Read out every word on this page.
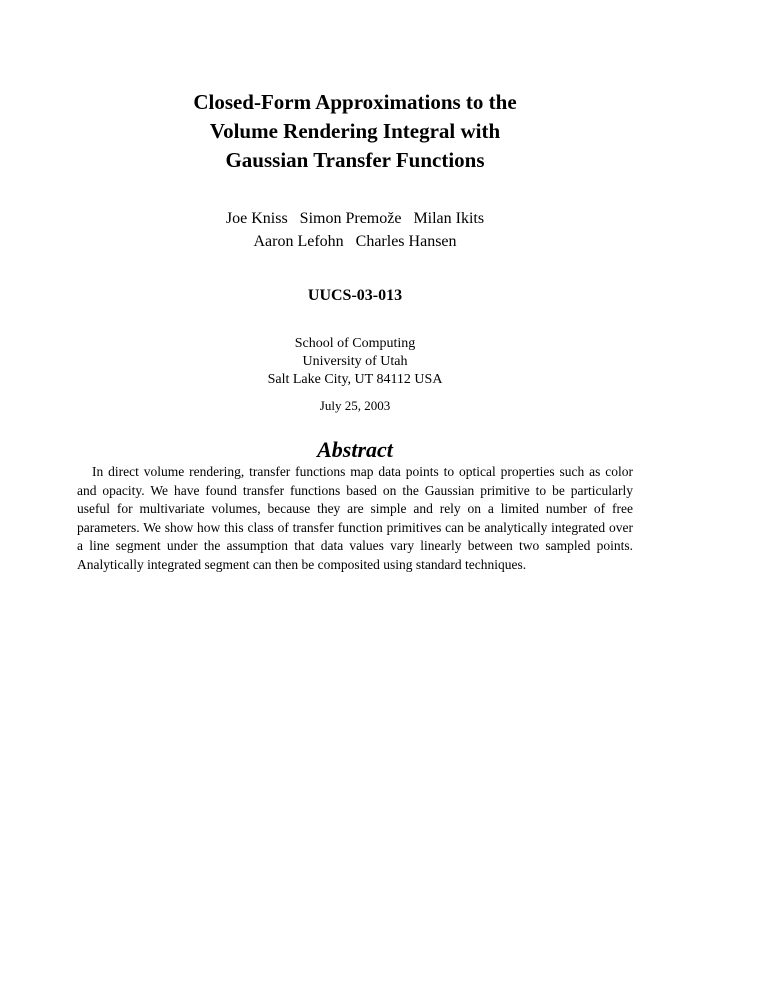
Closed-Form Approximations to the
Volume Rendering Integral with
Gaussian Transfer Functions
Joe Kniss Simon Premože Milan Ikits
Aaron Lefohn Charles Hansen
UUCS-03-013
School of Computing
University of Utah
Salt Lake City, UT 84112 USA
July 25, 2003
Abstract

In direct volume rendering, transfer functions map data points to optical properties such as color and opacity. We have found transfer functions based on the Gaussian primitive to be particularly useful for multivariate volumes, because they are simple and rely on a limited number of free parameters. We show how this class of transfer function primitives can be analytically integrated over a line segment under the assumption that data values vary linearly between two sampled points. Analytically integrated segment can then be composited using standard techniques.
